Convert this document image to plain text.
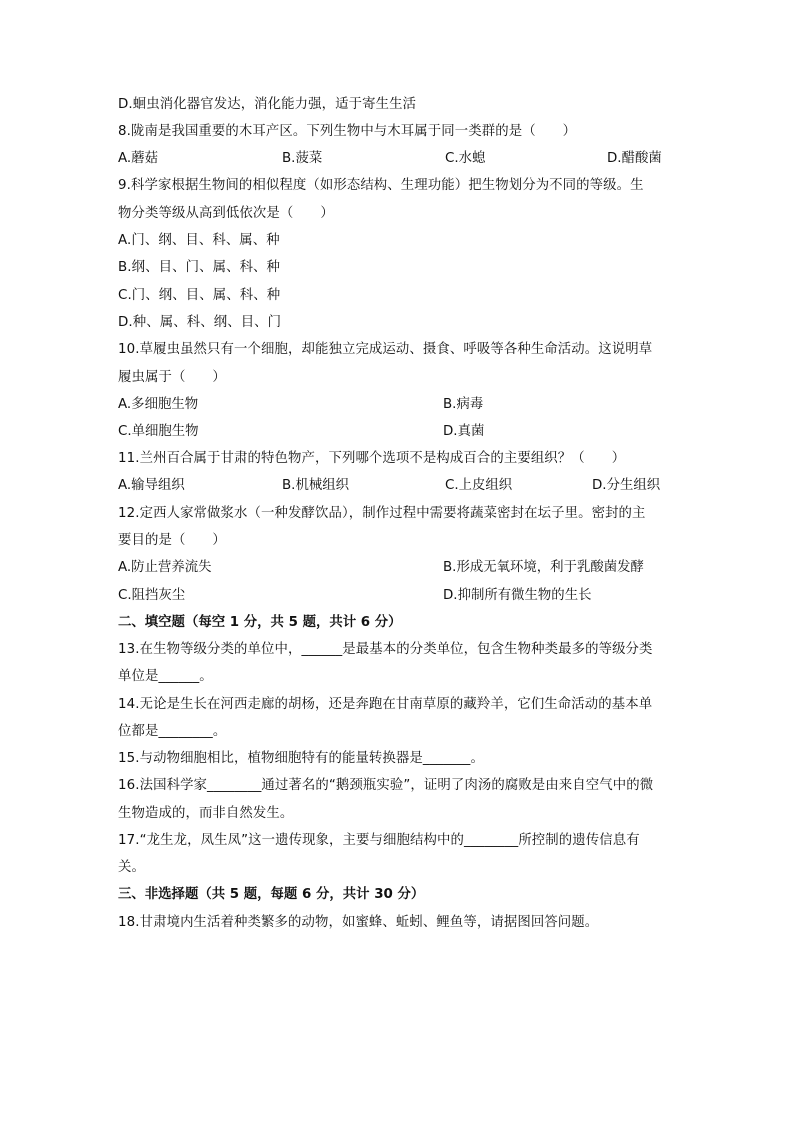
D.蛔虫消化器官发达，消化能力强，适于寄生生活
8.陇南是我国重要的木耳产区。下列生物中与木耳属于同一类群的是（　　）
A.蘑菇	B.菠菜	C.水螅	D.醋酸菌
9.科学家根据生物间的相似程度（如形态结构、生理功能）把生物划分为不同的等级。生
物分类等级从高到低依次是（　　）
A.门、纲、目、科、属、种
B.纲、目、门、属、科、种
C.门、纲、目、属、科、种
D.种、属、科、纲、目、门
10.草履虫虽然只有一个细胞，却能独立完成运动、摄食、呼吸等各种生命活动。这说明草
履虫属于（　　）
A.多细胞生物	B.病毒
C.单细胞生物	D.真菌
11.兰州百合属于甘肃的特色物产，下列哪个选项不是构成百合的主要组织？（　　）
A.输导组织	B.机械组织	C.上皮组织	D.分生组织
12.定西人家常做浆水（一种发酵饮品），制作过程中需要将蔬菜密封在坛子里。密封的主
要目的是（　　）
A.防止营养流失	B.形成无氧环境，利于乳酸菌发酵
C.阻挡灰尘	D.抑制所有微生物的生长
二、填空题（每空 1 分，共 5 题，共计 6 分）
13.在生物等级分类的单位中，______是最基本的分类单位，包含生物种类最多的等级分类
单位是______。
14.无论是生长在河西走廊的胡杨，还是奔跑在甘南草原的藏羚羊，它们生命活动的基本单
位都是________。
15.与动物细胞相比，植物细胞特有的能量转换器是_______。
16.法国科学家________通过著名的“鹅颈瓶实验”，证明了肉汤的腐败是由来自空气中的微
生物造成的，而非自然发生。
17.“龙生龙，凤生凤”这一遗传现象，主要与细胞结构中的________所控制的遗传信息有
关。
三、非选择题（共 5 题，每题 6 分，共计 30 分）
18.甘肃境内生活着种类繁多的动物，如蜜蜂、蚯蚓、鲤鱼等，请据图回答问题。
